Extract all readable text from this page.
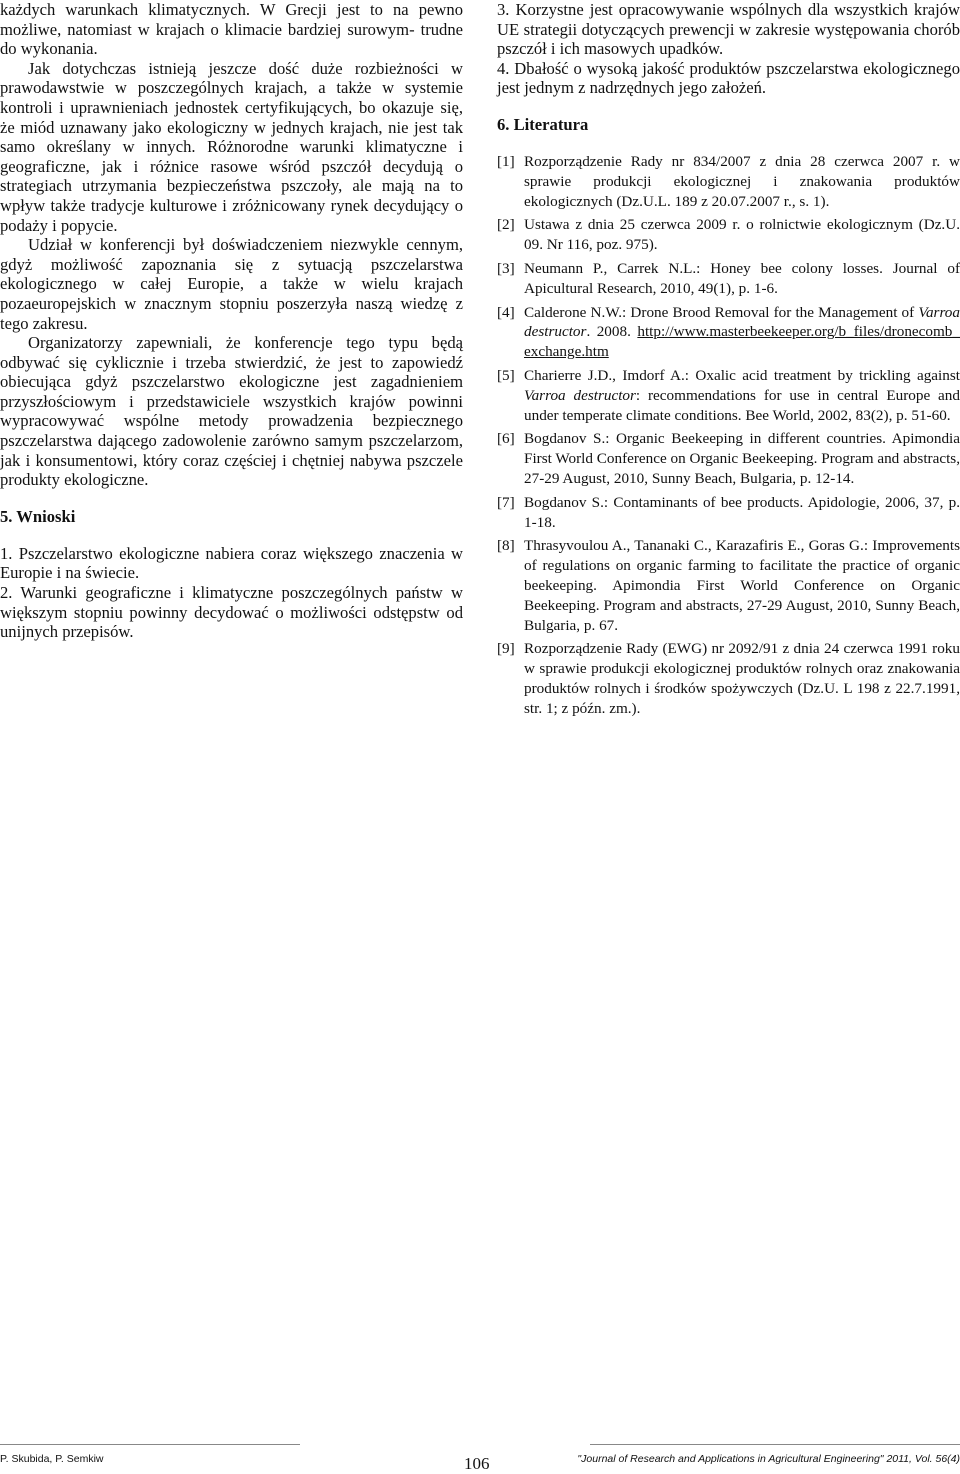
każdych warunkach klimatycznych. W Grecji jest to na pewno możliwe, natomiast w krajach o klimacie bardziej surowym- trudne do wykonania.

Jak dotychczas istnieją jeszcze dość duże rozbieżności w prawodawstwie w poszczególnych krajach, a także w systemie kontroli i uprawnieniach jednostek certyfikujących, bo okazuje się, że miód uznawany jako ekologiczny w jednych krajach, nie jest tak samo określany w innych. Różnorodne warunki klimatyczne i geograficzne, jak i różnice rasowe wśród pszczół decydują o strategiach utrzymania bezpieczeństwa pszczoły, ale mają na to wpływ także tradycje kulturowe i zróżnicowany rynek decydujący o podaży i popycie.

Udział w konferencji był doświadczeniem niezwykle cennym, gdyż możliwość zapoznania się z sytuacją pszczelarstwa ekologicznego w całej Europie, a także w wielu krajach pozaeuropejskich w znacznym stopniu poszerzyła naszą wiedzę z tego zakresu.

Organizatorzy zapewniali, że konferencje tego typu będą odbywać się cyklicznie i trzeba stwierdzić, że jest to zapowiedź obiecująca gdyż pszczelarstwo ekologiczne jest zagadnieniem przyszłościowym i przedstawiciele wszystkich krajów powinni wypracowywać wspólne metody prowadzenia bezpiecznego pszczelarstwa dającego zadowolenie zarówno samym pszczelarzom, jak i konsumentowi, który coraz częściej i chętniej nabywa pszczele produkty ekologiczne.

5. Wnioski

1. Pszczelarstwo ekologiczne nabiera coraz większego znaczenia w Europie i na świecie.

2. Warunki geograficzne i klimatyczne poszczególnych państw w większym stopniu powinny decydować o możliwości odstępstw od unijnych przepisów.

3. Korzystne jest opracowywanie wspólnych dla wszystkich krajów UE strategii dotyczących prewencji w zakresie występowania chorób pszczół i ich masowych upadków.

4. Dbałość o wysoką jakość produktów pszczelarstwa ekologicznego jest jednym z nadrzędnych jego założeń.

6. Literatura
[1] Rozporządzenie Rady nr 834/2007 z dnia 28 czerwca 2007 r. w sprawie produkcji ekologicznej i znakowania produktów ekologicznych (Dz.U.L. 189 z 20.07.2007 r., s. 1).
[2] Ustawa z dnia 25 czerwca 2009 r. o rolnictwie ekologicznym (Dz.U. 09. Nr 116, poz. 975).
[3] Neumann P., Carrek N.L.: Honey bee colony losses. Journal of Apicultural Research, 2010, 49(1), p. 1-6.
[4] Calderone N.W.: Drone Brood Removal for the Management of Varroa destructor. 2008. http://www.masterbeekeeper.org/b_files/dronecomb_exchange.htm
[5] Charierre J.D., Imdorf A.: Oxalic acid treatment by trickling against Varroa destructor: recommendations for use in central Europe and under temperate climate conditions. Bee World, 2002, 83(2), p. 51-60.
[6] Bogdanov S.: Organic Beekeeping in different countries. Apimondia First World Conference on Organic Beekeeping. Program and abstracts, 27-29 August, 2010, Sunny Beach, Bulgaria, p. 12-14.
[7] Bogdanov S.: Contaminants of bee products. Apidologie, 2006, 37, p. 1-18.
[8] Thrasyvoulou A., Tananaki C., Karazafiris E., Goras G.: Improvements of regulations on organic farming to facilitate the practice of organic beekeeping. Apimondia First World Conference on Organic Beekeeping. Program and abstracts, 27-29 August, 2010, Sunny Beach, Bulgaria, p. 67.
[9] Rozporządzenie Rady (EWG) nr 2092/91 z dnia 24 czerwca 1991 roku w sprawie produkcji ekologicznej produktów rolnych oraz znakowania produktów rolnych i środków spożywczych (Dz.U. L 198 z 22.7.1991, str. 1; z późn. zm.).
P. Skubida, P. Semkiw	106	"Journal of Research and Applications in Agricultural Engineering" 2011, Vol. 56(4)
